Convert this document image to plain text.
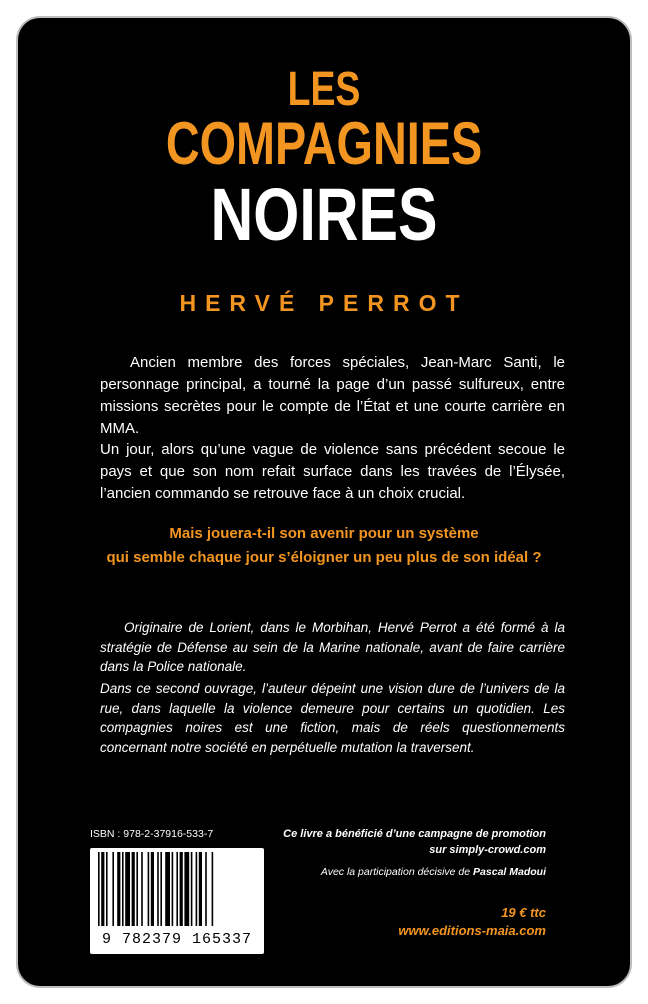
LES
COMPAGNIES
NOIRES
HERVÉ PERROT

Ancien membre des forces spéciales, Jean-Marc Santi, le personnage principal, a tourné la page d’un passé sulfureux, entre missions secrètes pour le compte de l’État et une courte carrière en MMA.

Un jour, alors qu’une vague de violence sans précédent secoue le pays et que son nom refait surface dans les travées de l’Élysée, l’ancien commando se retrouve face à un choix crucial.

Mais jouera-t-il son avenir pour un système
qui semble chaque jour s’éloigner un peu plus de son idéal ?

Originaire de Lorient, dans le Morbihan, Hervé Perrot a été formé à la stratégie de Défense au sein de la Marine nationale, avant de faire carrière dans la Police nationale.

Dans ce second ouvrage, l’auteur dépeint une vision dure de l’univers de la rue, dans laquelle la violence demeure pour certains un quotidien. Les compagnies noires est une fiction, mais de réels questionnements concernant notre société en perpétuelle mutation la traversent.

ISBN : 978-2-37916-533-7
9 782379 165337

Ce livre a bénéficié d’une campagne de promotion
sur simply-crowd.com

Avec la participation décisive de Pascal Madoui

19 € ttc

www.editions-maia.com
